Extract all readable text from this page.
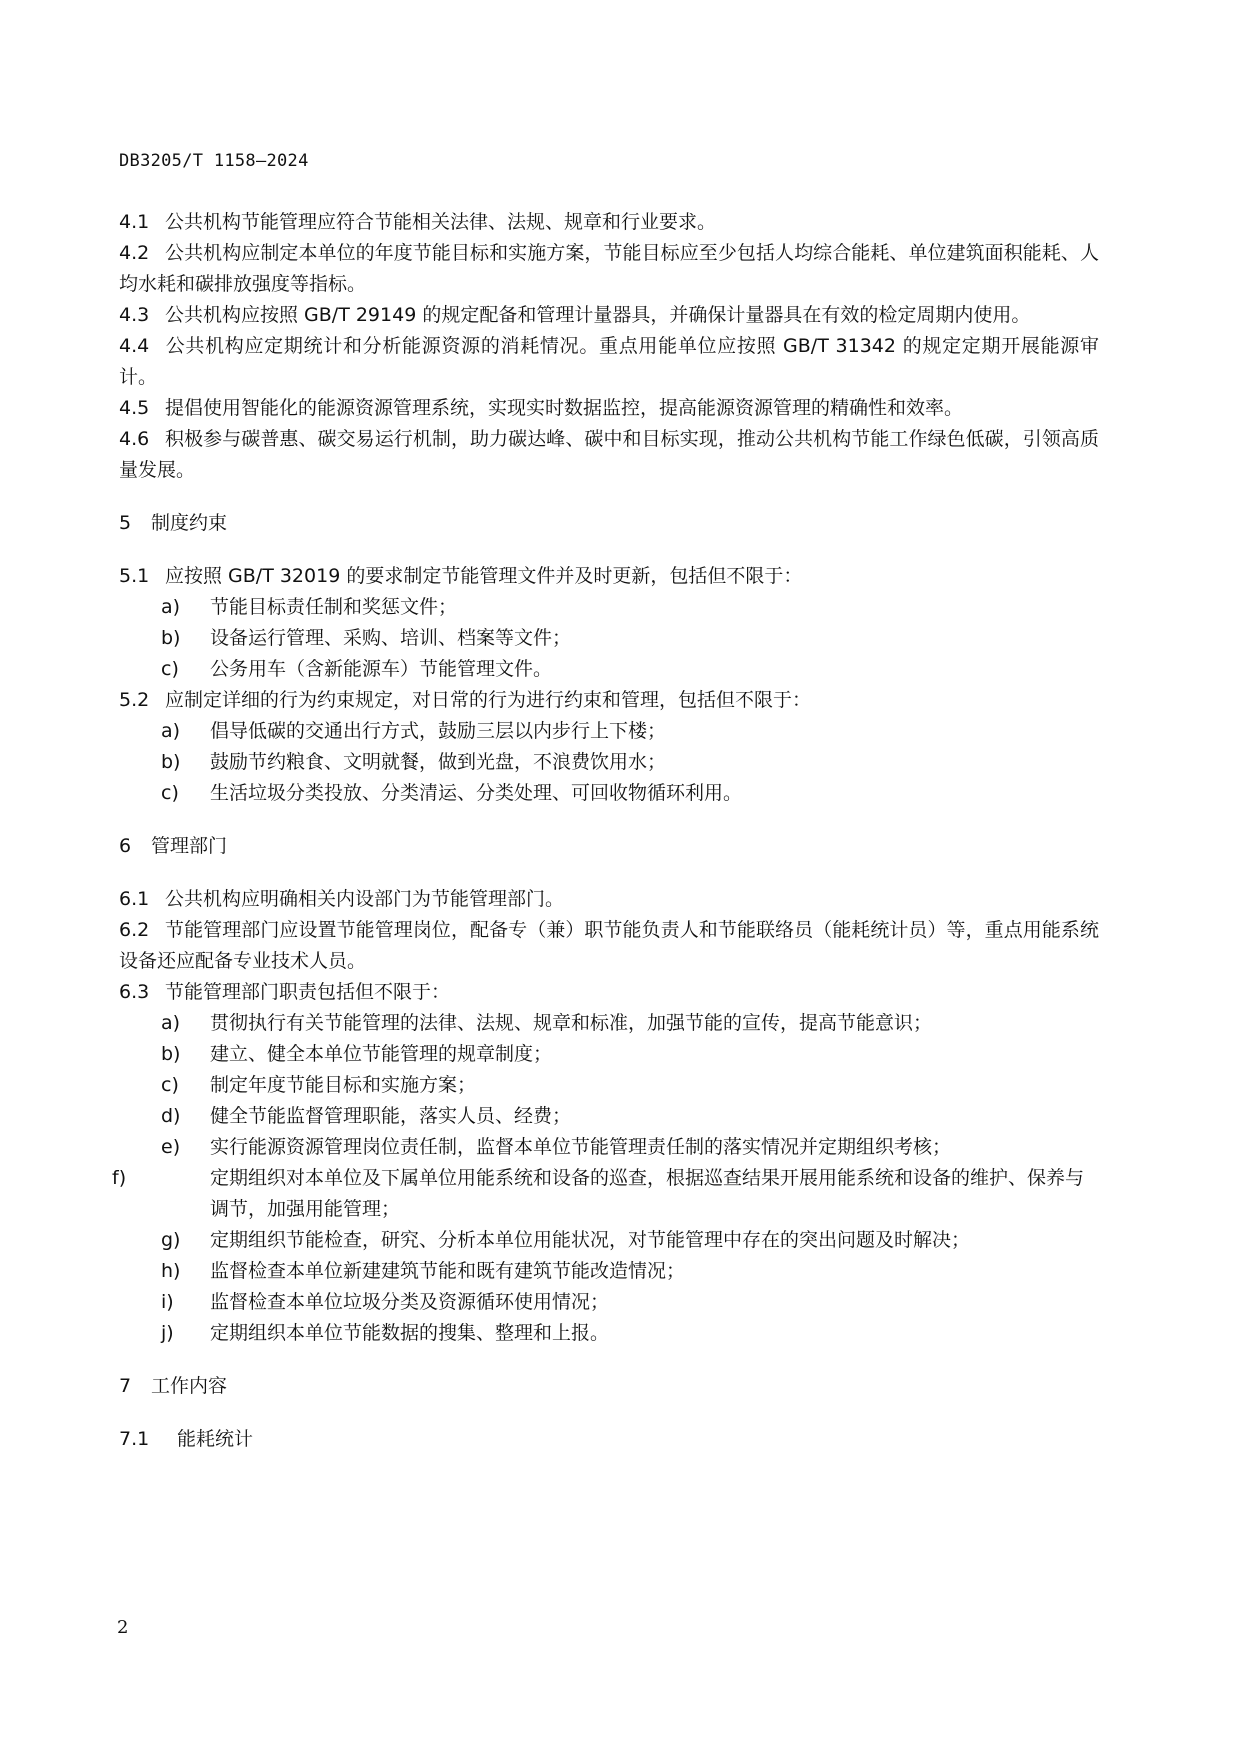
DB3205/T 1158—2024

4.1 公共机构节能管理应符合节能相关法律、法规、规章和行业要求。

4.2 公共机构应制定本单位的年度节能目标和实施方案，节能目标应至少包括人均综合能耗、单位建筑面积能耗、人均水耗和碳排放强度等指标。

4.3 公共机构应按照 GB/T 29149 的规定配备和管理计量器具，并确保计量器具在有效的检定周期内使用。

4.4 公共机构应定期统计和分析能源资源的消耗情况。重点用能单位应按照 GB/T 31342 的规定定期开展能源审计。

4.5 提倡使用智能化的能源资源管理系统，实现实时数据监控，提高能源资源管理的精确性和效率。

4.6 积极参与碳普惠、碳交易运行机制，助力碳达峰、碳中和目标实现，推动公共机构节能工作绿色低碳，引领高质量发展。

5 制度约束

5.1 应按照 GB/T 32019 的要求制定节能管理文件并及时更新，包括但不限于：

a) 节能目标责任制和奖惩文件；
b) 设备运行管理、采购、培训、档案等文件；
c) 公务用车（含新能源车）节能管理文件。

5.2 应制定详细的行为约束规定，对日常的行为进行约束和管理，包括但不限于：

a) 倡导低碳的交通出行方式，鼓励三层以内步行上下楼；
b) 鼓励节约粮食、文明就餐，做到光盘，不浪费饮用水；
c) 生活垃圾分类投放、分类清运、分类处理、可回收物循环利用。
6 管理部门

6.1 公共机构应明确相关内设部门为节能管理部门。

6.2 节能管理部门应设置节能管理岗位，配备专（兼）职节能负责人和节能联络员（能耗统计员）等，重点用能系统设备还应配备专业技术人员。

6.3 节能管理部门职责包括但不限于：

a) 贯彻执行有关节能管理的法律、法规、规章和标准，加强节能的宣传，提高节能意识；
b) 建立、健全本单位节能管理的规章制度；
c) 制定年度节能目标和实施方案；
d) 健全节能监督管理职能，落实人员、经费；
e) 实行能源资源管理岗位责任制，监督本单位节能管理责任制的落实情况并定期组织考核；
f)	定期组织对本单位及下属单位用能系统和设备的巡查，根据巡查结果开展用能系统和设备的维护、保养与调节，加强用能管理；
g) 定期组织节能检查，研究、分析本单位用能状况，对节能管理中存在的突出问题及时解决；
h) 监督检查本单位新建建筑节能和既有建筑节能改造情况；
i) 监督检查本单位垃圾分类及资源循环使用情况；
j) 定期组织本单位节能数据的搜集、整理和上报。
7 工作内容
7.1 能耗统计
2
